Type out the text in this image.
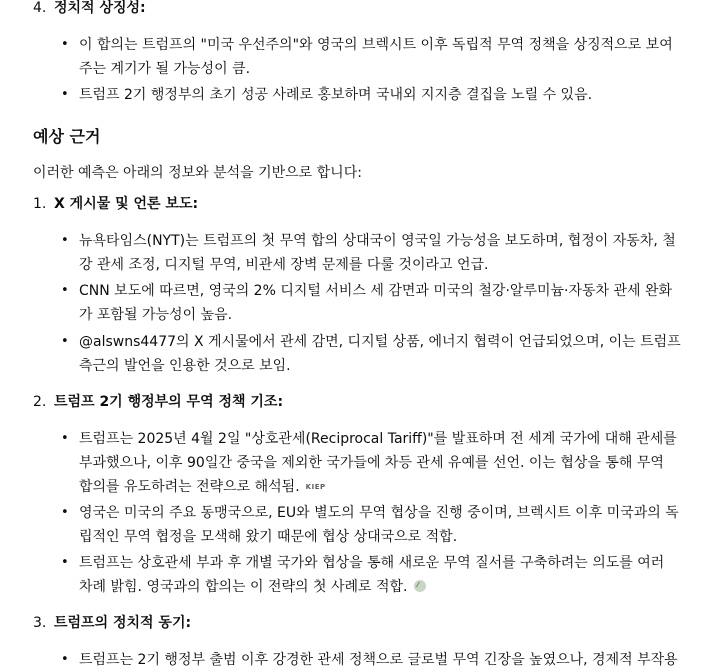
4. 정치적 상징성:
• 이 합의는 트럼프의 "미국 우선주의"와 영국의 브렉시트 이후 독립적 무역 정책을 상징적으로 보여
주는 계기가 될 가능성이 큼.
• 트럼프 2기 행정부의 초기 성공 사례로 홍보하며 국내외 지지층 결집을 노릴 수 있음.
예상 근거
이러한 예측은 아래의 정보와 분석을 기반으로 합니다:
1. X 게시물 및 언론 보도:
• 뉴욕타임스(NYT)는 트럼프의 첫 무역 합의 상대국이 영국일 가능성을 보도하며, 협정이 자동차, 철
강 관세 조정, 디지털 무역, 비관세 장벽 문제를 다룰 것이라고 언급.
• CNN 보도에 따르면, 영국의 2% 디지털 서비스 세 감면과 미국의 철강·알루미늄·자동차 관세 완화
가 포함될 가능성이 높음.
• @alswns4477의 X 게시물에서 관세 감면, 디지털 상품, 에너지 협력이 언급되었으며, 이는 트럼프
측근의 발언을 인용한 것으로 보임.
2. 트럼프 2기 행정부의 무역 정책 기조:
• 트럼프는 2025년 4월 2일 "상호관세(Reciprocal Tariff)"를 발표하며 전 세계 국가에 대해 관세를
부과했으나, 이후 90일간 중국을 제외한 국가들에 차등 관세 유예를 선언. 이는 협상을 통해 무역
합의를 유도하려는 전략으로 해석됨. KIEP
• 영국은 미국의 주요 동맹국으로, EU와 별도의 무역 협상을 진행 중이며, 브렉시트 이후 미국과의 독
립적인 무역 협정을 모색해 왔기 때문에 협상 상대국으로 적합.
• 트럼프는 상호관세 부과 후 개별 국가와 협상을 통해 새로운 무역 질서를 구축하려는 의도를 여러
차례 밝힘. 영국과의 합의는 이 전략의 첫 사례로 적합.
3. 트럼프의 정치적 동기:
• 트럼프는 2기 행정부 출범 이후 강경한 관세 정책으로 글로벌 무역 긴장을 높였으나, 경제적 부작용
